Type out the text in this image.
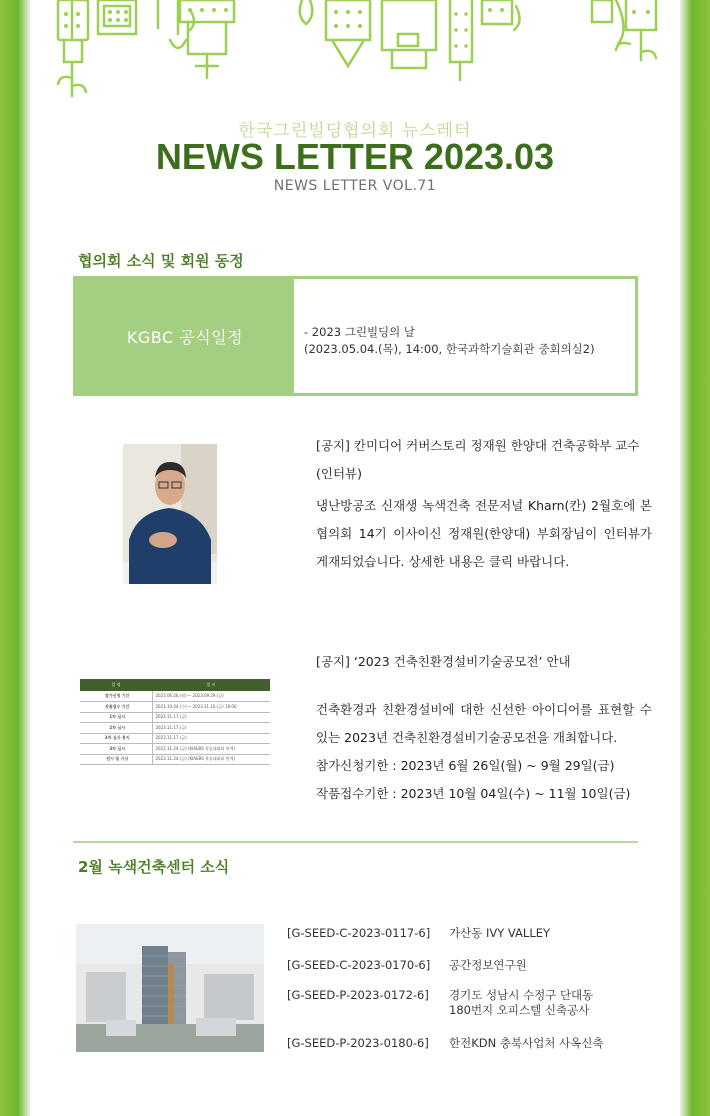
한국그린빌딩협의회 뉴스레터
NEWS LETTER 2023.03
NEWS LETTER VOL.71
협의회 소식 및 회원 동정
KGBC 공식일정	- 2023 그린빌딩의 날
(2023.05.04.(목), 14:00, 한국과학기술회관 중회의실2)
[공지] 칸미디어 커버스토리 정재원 한양대 건축공학부 교수 (인터뷰)
냉난방공조 신재생 녹색건축 전문저널 Kharn(칸) 2월호에 본 협의회 14기 이사이신 정재원(한양대) 부회장님이 인터뷰가 게재되었습니다. 상세한 내용은 클릭 바랍니다.
일 정	일 시
참가신청 기간	2023.06.26.(월) ~ 2023.09.29.(금)
작품접수 기간	2023.10.04.(수) ~ 2023.11.10.(금) 18:00
1차 심사	2023.11.17.(금)
2차 심사	2023.11.17.(금)
3차 심사 통지	2023.11.17.(금)
3차 심사	2023.11.24.(금) (KIAEBS 학술대회와 연계)
전시 및 시상	2023.11.24.(금) (KIAEBS 학술대회와 연계)
[공지] ‘2023 건축친환경설비기술공모전’ 안내
건축환경과 친환경설비에 대한 신선한 아이디어를 표현할 수 있는 2023년 건축친환경설비기술공모전을 개최합니다.
참가신청기한 : 2023년 6월 26일(월) ~ 9월 29일(금)
작품접수기한 : 2023년 10월 04일(수) ~ 11월 10일(금)
2월 녹색건축센터 소식
[G-SEED-C-2023-0117-6]	가산동 IVY VALLEY
[G-SEED-C-2023-0170-6]	공간정보연구원
[G-SEED-P-2023-0172-6]	경기도 성남시 수정구 단대동
180번지 오피스텔 신축공사
[G-SEED-P-2023-0180-6]	한전KDN 충북사업처 사옥신축
